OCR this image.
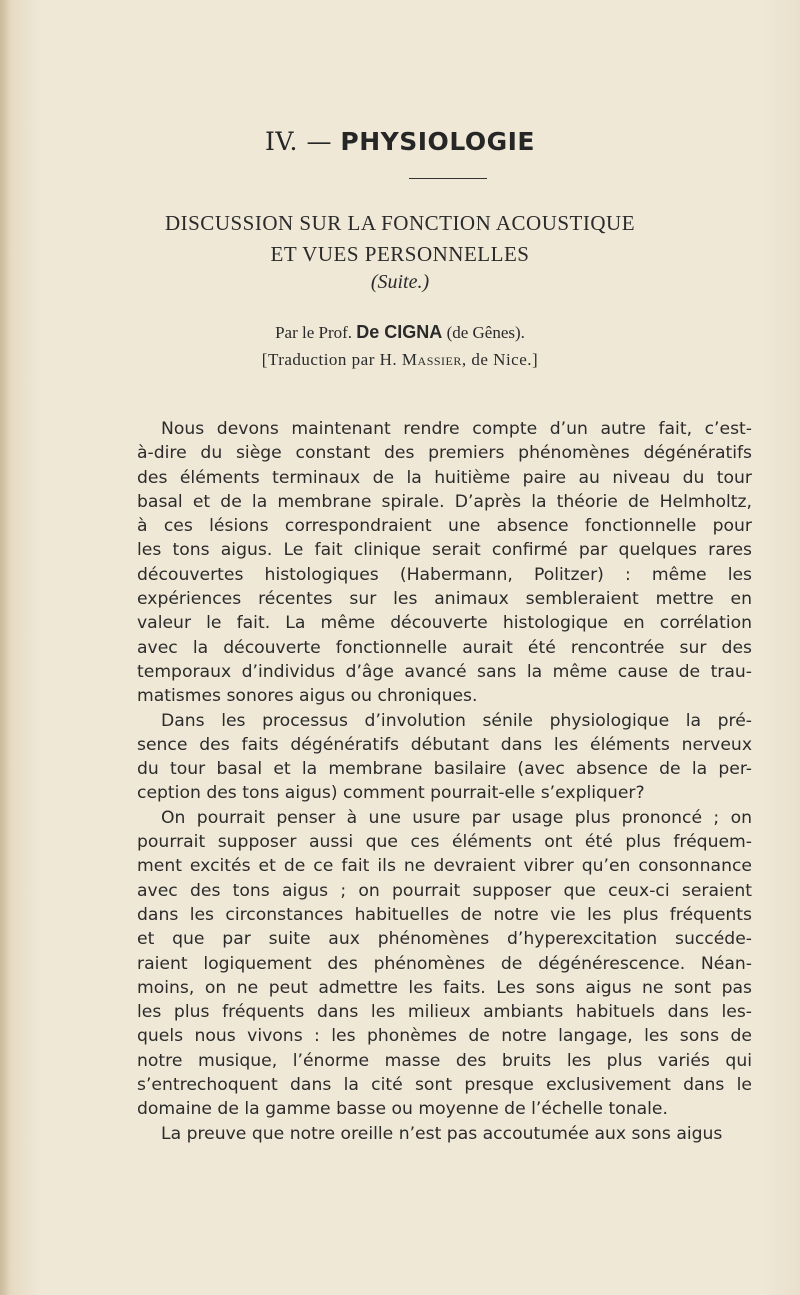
IV. — PHYSIOLOGIE
DISCUSSION SUR LA FONCTION ACOUSTIQUE
ET VUES PERSONNELLES
(Suite.)
Par le Prof. De CIGNA (de Gênes).
[Traduction par H. Massier, de Nice.]
Nous devons maintenant rendre compte d’un autre fait, c’est-
à-dire du siège constant des premiers phénomènes dégénératifs
des éléments terminaux de la huitième paire au niveau du tour
basal et de la membrane spirale. D’après la théorie de Helmholtz,
à ces lésions correspondraient une absence fonctionnelle pour
les tons aigus. Le fait clinique serait confirmé par quelques rares
découvertes histologiques (Habermann, Politzer) : même les
expériences récentes sur les animaux sembleraient mettre en
valeur le fait. La même découverte histologique en corrélation
avec la découverte fonctionnelle aurait été rencontrée sur des
temporaux d’individus d’âge avancé sans la même cause de trau-
matismes sonores aigus ou chroniques.
Dans les processus d’involution sénile physiologique la pré-
sence des faits dégénératifs débutant dans les éléments nerveux
du tour basal et la membrane basilaire (avec absence de la per-
ception des tons aigus) comment pourrait-elle s’expliquer?
On pourrait penser à une usure par usage plus prononcé ; on
pourrait supposer aussi que ces éléments ont été plus fréquem-
ment excités et de ce fait ils ne devraient vibrer qu’en consonnance
avec des tons aigus ; on pourrait supposer que ceux-ci seraient
dans les circonstances habituelles de notre vie les plus fréquents
et que par suite aux phénomènes d’hyperexcitation succéde-
raient logiquement des phénomènes de dégénérescence. Néan-
moins, on ne peut admettre les faits. Les sons aigus ne sont pas
les plus fréquents dans les milieux ambiants habituels dans les-
quels nous vivons : les phonèmes de notre langage, les sons de
notre musique, l’énorme masse des bruits les plus variés qui
s’entrechoquent dans la cité sont presque exclusivement dans le
domaine de la gamme basse ou moyenne de l’échelle tonale.
La preuve que notre oreille n’est pas accoutumée aux sons aigus
